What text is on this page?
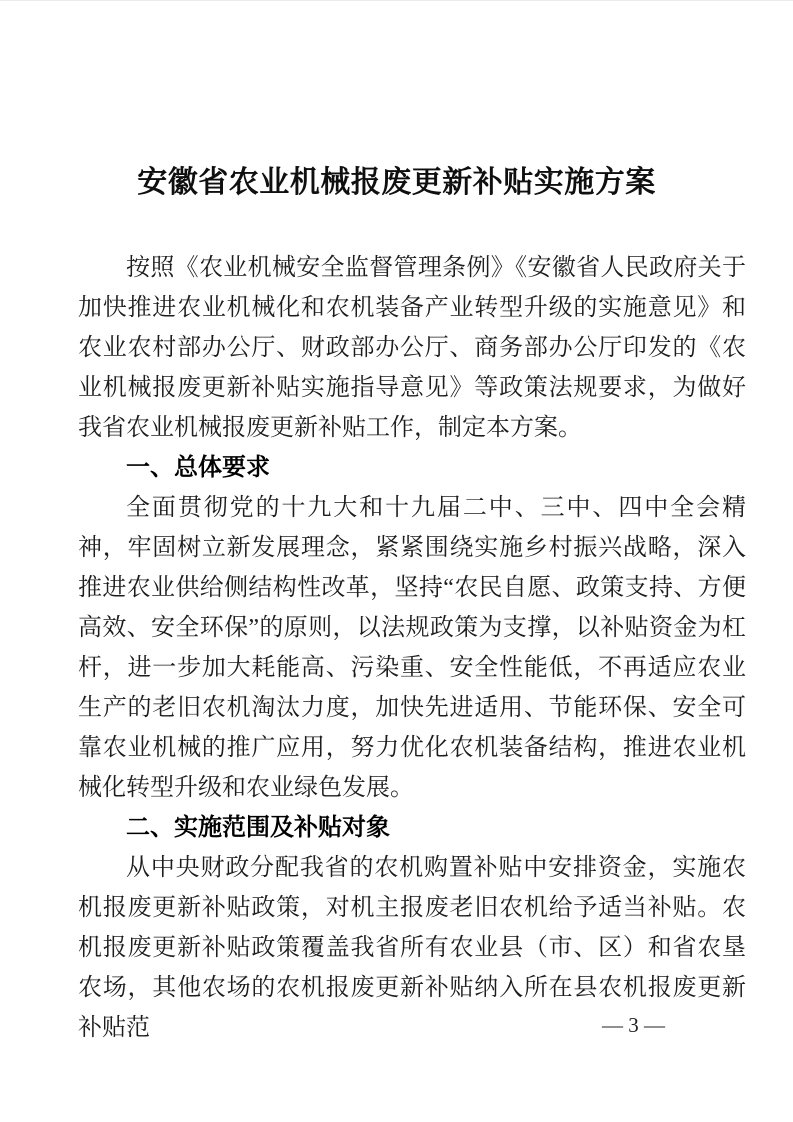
安徽省农业机械报废更新补贴实施方案

按照《农业机械安全监督管理条例》《安徽省人民政府关于加快推进农业机械化和农机装备产业转型升级的实施意见》和农业农村部办公厅、财政部办公厅、商务部办公厅印发的《农业机械报废更新补贴实施指导意见》等政策法规要求，为做好我省农业机械报废更新补贴工作，制定本方案。

一、总体要求

全面贯彻党的十九大和十九届二中、三中、四中全会精神，牢固树立新发展理念，紧紧围绕实施乡村振兴战略，深入推进农业供给侧结构性改革，坚持“农民自愿、政策支持、方便高效、安全环保”的原则，以法规政策为支撑，以补贴资金为杠杆，进一步加大耗能高、污染重、安全性能低，不再适应农业生产的老旧农机淘汰力度，加快先进适用、节能环保、安全可靠农业机械的推广应用，努力优化农机装备结构，推进农业机械化转型升级和农业绿色发展。

二、实施范围及补贴对象

从中央财政分配我省的农机购置补贴中安排资金，实施农机报废更新补贴政策，对机主报废老旧农机给予适当补贴。农机报废更新补贴政策覆盖我省所有农业县（市、区）和省农垦农场，其他农场的农机报废更新补贴纳入所在县农机报废更新补贴范	— 3 —
